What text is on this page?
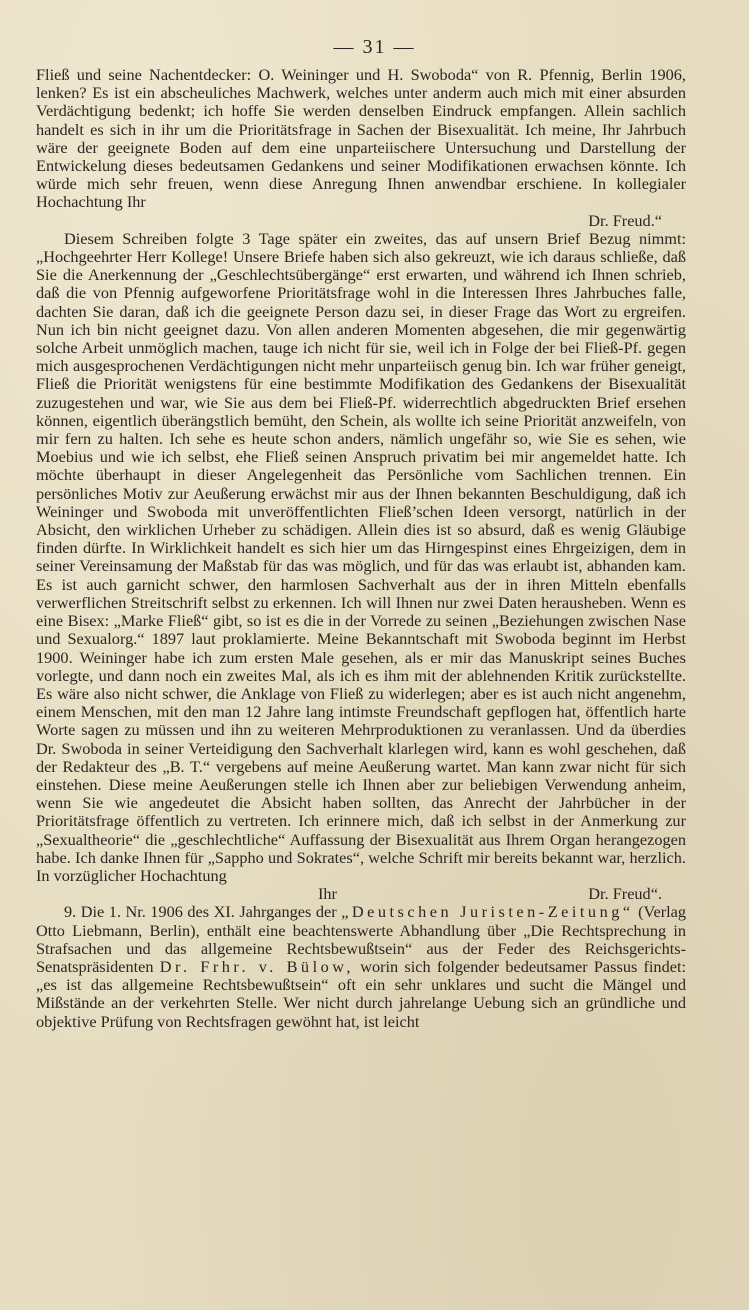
— 31 —

Fließ und seine Nachentdecker: O. Weininger und H. Swoboda“ von R. Pfennig, Berlin 1906, lenken? Es ist ein abscheuliches Machwerk, welches unter anderm auch mich mit einer absurden Verdächtigung bedenkt; ich hoffe Sie werden denselben Eindruck empfangen. Allein sachlich handelt es sich in ihr um die Prioritätsfrage in Sachen der Bisexualität. Ich meine, Ihr Jahrbuch wäre der geeignete Boden auf dem eine unparteiischere Untersuchung und Darstellung der Entwickelung dieses bedeutsamen Gedankens und seiner Modifikationen erwachsen könnte. Ich würde mich sehr freuen, wenn diese Anregung Ihnen anwendbar erschiene. In kollegialer Hochachtung Ihr

Dr. Freud.“

Diesem Schreiben folgte 3 Tage später ein zweites, das auf unsern Brief Bezug nimmt: „Hochgeehrter Herr Kollege! Unsere Briefe haben sich also gekreuzt, wie ich daraus schließe, daß Sie die Anerkennung der „Geschlechtsübergänge“ erst erwarten, und während ich Ihnen schrieb, daß die von Pfennig aufgeworfene Prioritätsfrage wohl in die Interessen Ihres Jahrbuches falle, dachten Sie daran, daß ich die geeignete Person dazu sei, in dieser Frage das Wort zu ergreifen. Nun ich bin nicht geeignet dazu. Von allen anderen Momenten abgesehen, die mir gegenwärtig solche Arbeit unmöglich machen, tauge ich nicht für sie, weil ich in Folge der bei Fließ-Pf. gegen mich ausgesprochenen Verdächtigungen nicht mehr unparteiisch genug bin. Ich war früher geneigt, Fließ die Priorität wenigstens für eine bestimmte Modifikation des Gedankens der Bisexualität zuzugestehen und war, wie Sie aus dem bei Fließ-Pf. widerrechtlich abgedruckten Brief ersehen können, eigentlich überängstlich bemüht, den Schein, als wollte ich seine Priorität anzweifeln, von mir fern zu halten. Ich sehe es heute schon anders, nämlich ungefähr so, wie Sie es sehen, wie Moebius und wie ich selbst, ehe Fließ seinen Anspruch privatim bei mir angemeldet hatte. Ich möchte überhaupt in dieser Angelegenheit das Persönliche vom Sachlichen trennen. Ein persönliches Motiv zur Aeußerung erwächst mir aus der Ihnen bekannten Beschuldigung, daß ich Weininger und Swoboda mit unveröffentlichten Fließ’schen Ideen versorgt, natürlich in der Absicht, den wirklichen Urheber zu schädigen. Allein dies ist so absurd, daß es wenig Gläubige finden dürfte. In Wirklichkeit handelt es sich hier um das Hirngespinst eines Ehrgeizigen, dem in seiner Vereinsamung der Maßstab für das was möglich, und für das was erlaubt ist, abhanden kam. Es ist auch garnicht schwer, den harmlosen Sachverhalt aus der in ihren Mitteln ebenfalls verwerflichen Streitschrift selbst zu erkennen. Ich will Ihnen nur zwei Daten herausheben. Wenn es eine Bisex: „Marke Fließ“ gibt, so ist es die in der Vorrede zu seinen „Beziehungen zwischen Nase und Sexualorg.“ 1897 laut proklamierte. Meine Bekanntschaft mit Swoboda beginnt im Herbst 1900. Weininger habe ich zum ersten Male gesehen, als er mir das Manuskript seines Buches vorlegte, und dann noch ein zweites Mal, als ich es ihm mit der ablehnenden Kritik zurückstellte. Es wäre also nicht schwer, die Anklage von Fließ zu widerlegen; aber es ist auch nicht angenehm, einem Menschen, mit den man 12 Jahre lang intimste Freundschaft gepflogen hat, öffentlich harte Worte sagen zu müssen und ihn zu weiteren Mehrproduktionen zu veranlassen. Und da überdies Dr. Swoboda in seiner Verteidigung den Sachverhalt klarlegen wird, kann es wohl geschehen, daß der Redakteur des „B. T.“ vergebens auf meine Aeußerung wartet. Man kann zwar nicht für sich einstehen. Diese meine Aeußerungen stelle ich Ihnen aber zur beliebigen Verwendung anheim, wenn Sie wie angedeutet die Absicht haben sollten, das Anrecht der Jahrbücher in der Prioritätsfrage öffentlich zu vertreten. Ich erinnere mich, daß ich selbst in der Anmerkung zur „Sexualtheorie“ die „geschlechtliche“ Auffassung der Bisexualität aus Ihrem Organ herangezogen habe. Ich danke Ihnen für „Sappho und Sokrates“, welche Schrift mir bereits bekannt war, herzlich. In vorzüglicher Hochachtung

Ihr	Dr. Freud“.

9. Die 1. Nr. 1906 des XI. Jahrganges der „Deutschen Juristen-Zeitung“ (Verlag Otto Liebmann, Berlin), enthält eine beachtenswerte Abhandlung über „Die Rechtsprechung in Strafsachen und das allgemeine Rechtsbewußtsein“ aus der Feder des Reichsgerichts-Senatspräsidenten Dr. Frhr. v. Bülow, worin sich folgender bedeutsamer Passus findet: „es ist das allgemeine Rechtsbewußtsein“ oft ein sehr unklares und sucht die Mängel und Mißstände an der verkehrten Stelle. Wer nicht durch jahrelange Uebung sich an gründliche und objektive Prüfung von Rechtsfragen gewöhnt hat, ist leicht
